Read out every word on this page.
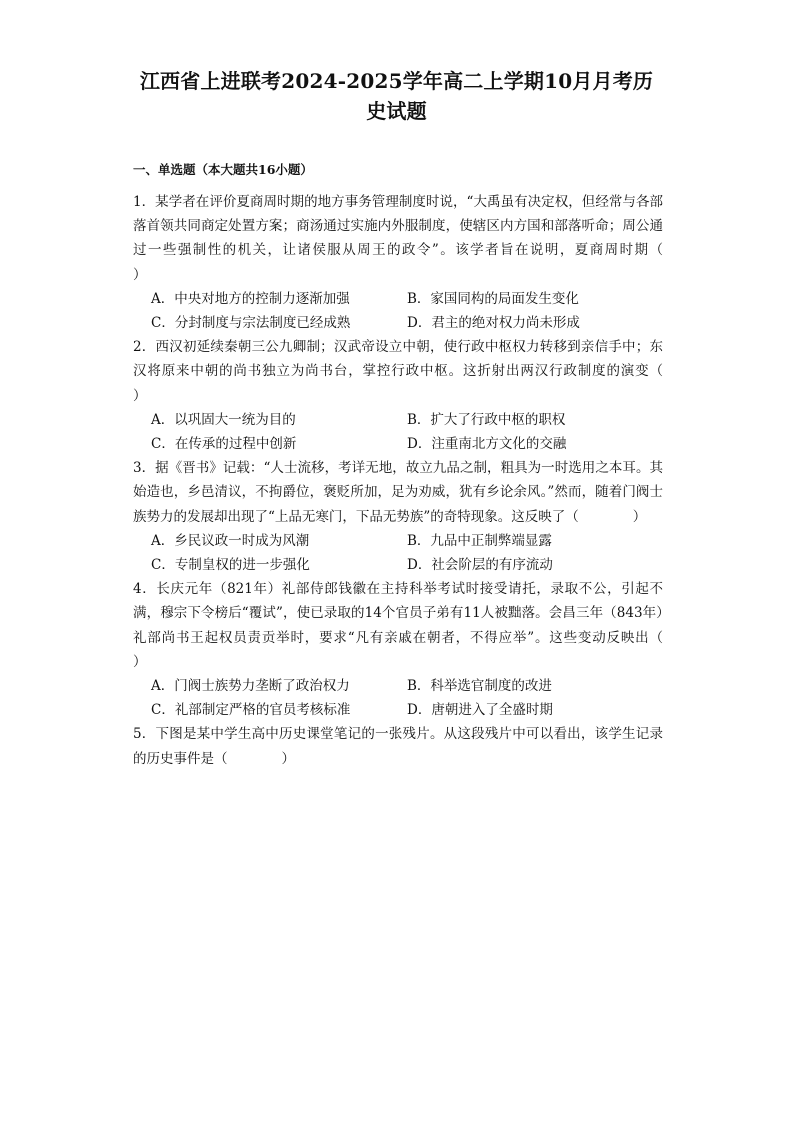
江西省上进联考2024-2025学年高二上学期10月月考历
史试题
一、单选题（本大题共16小题）

1．某学者在评价夏商周时期的地方事务管理制度时说，“大禹虽有决定权，但经常与各部落首领共同商定处置方案；商汤通过实施内外服制度，使辖区内方国和部落听命；周公通过一些强制性的机关，让诸侯服从周王的政令”。该学者旨在说明，夏商周时期（　　　　）

A．中央对地方的控制力逐渐加强	B．家国同构的局面发生变化
C．分封制度与宗法制度已经成熟	D．君主的绝对权力尚未形成

2．西汉初延续秦朝三公九卿制；汉武帝设立中朝，使行政中枢权力转移到亲信手中；东汉将原来中朝的尚书独立为尚书台，掌控行政中枢。这折射出两汉行政制度的演变（　　　　）

A．以巩固大一统为目的	B．扩大了行政中枢的职权
C．在传承的过程中创新	D．注重南北方文化的交融

3．据《晋书》记载：“人士流移，考详无地，故立九品之制，粗具为一时选用之本耳。其始造也，乡邑清议，不拘爵位，褒贬所加，足为劝威，犹有乡论余风。”然而，随着门阀士族势力的发展却出现了“上品无寒门，下品无势族”的奇特现象。这反映了（　　　　）

A．乡民议政一时成为风潮	B．九品中正制弊端显露
C．专制皇权的进一步强化	D．社会阶层的有序流动

4．长庆元年（821年）礼部侍郎钱徽在主持科举考试时接受请托，录取不公，引起不满，穆宗下令榜后“覆试”，使已录取的14个官员子弟有11人被黜落。会昌三年（843年）礼部尚书王起权员责贡举时，要求“凡有亲戚在朝者，不得应举”。这些变动反映出（　　　　）

A．门阀士族势力垄断了政治权力	B．科举选官制度的改进
C．礼部制定严格的官员考核标准	D．唐朝进入了全盛时期

5．下图是某中学生高中历史课堂笔记的一张残片。从这段残片中可以看出，该学生记录的历史事件是（　　　　）
